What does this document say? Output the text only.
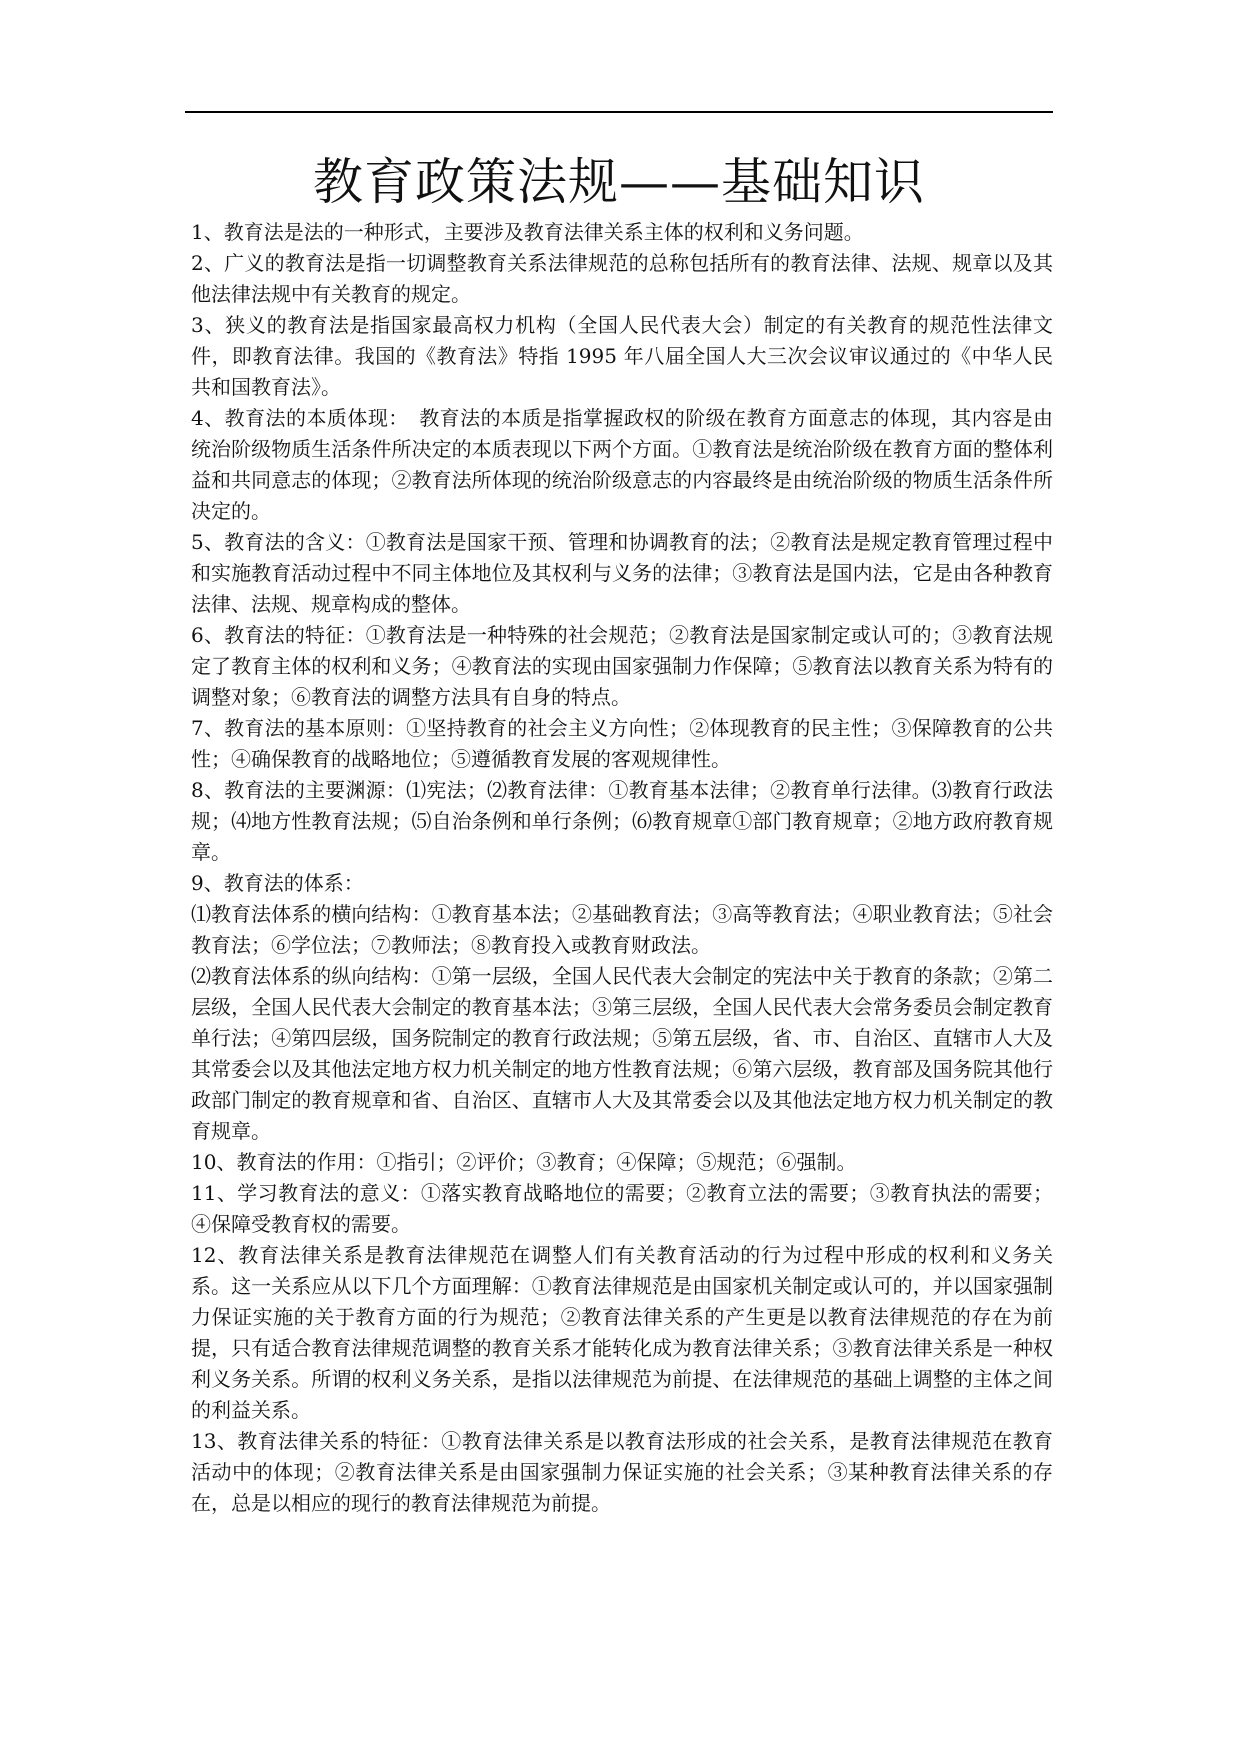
教育政策法规——基础知识

1、教育法是法的一种形式，主要涉及教育法律关系主体的权利和义务问题。

2、广义的教育法是指一切调整教育关系法律规范的总称包括所有的教育法律、法规、规章以及其他法律法规中有关教育的规定。

3、狭义的教育法是指国家最高权力机构（全国人民代表大会）制定的有关教育的规范性法律文件，即教育法律。我国的《教育法》特指 1995 年八届全国人大三次会议审议通过的《中华人民共和国教育法》。

4、教育法的本质体现：　教育法的本质是指掌握政权的阶级在教育方面意志的体现，其内容是由统治阶级物质生活条件所决定的本质表现以下两个方面。①教育法是统治阶级在教育方面的整体利益和共同意志的体现；②教育法所体现的统治阶级意志的内容最终是由统治阶级的物质生活条件所决定的。

5、教育法的含义：①教育法是国家干预、管理和协调教育的法；②教育法是规定教育管理过程中和实施教育活动过程中不同主体地位及其权利与义务的法律；③教育法是国内法，它是由各种教育法律、法规、规章构成的整体。

6、教育法的特征：①教育法是一种特殊的社会规范；②教育法是国家制定或认可的；③教育法规定了教育主体的权利和义务；④教育法的实现由国家强制力作保障；⑤教育法以教育关系为特有的调整对象；⑥教育法的调整方法具有自身的特点。

7、教育法的基本原则：①坚持教育的社会主义方向性；②体现教育的民主性；③保障教育的公共性；④确保教育的战略地位；⑤遵循教育发展的客观规律性。

8、教育法的主要渊源：⑴宪法；⑵教育法律：①教育基本法律；②教育单行法律。⑶教育行政法规；⑷地方性教育法规；⑸自治条例和单行条例；⑹教育规章①部门教育规章；②地方政府教育规章。

9、教育法的体系：

⑴教育法体系的横向结构：①教育基本法；②基础教育法；③高等教育法；④职业教育法；⑤社会教育法；⑥学位法；⑦教师法；⑧教育投入或教育财政法。

⑵教育法体系的纵向结构：①第一层级，全国人民代表大会制定的宪法中关于教育的条款；②第二层级，全国人民代表大会制定的教育基本法；③第三层级，全国人民代表大会常务委员会制定教育单行法；④第四层级，国务院制定的教育行政法规；⑤第五层级，省、市、自治区、直辖市人大及其常委会以及其他法定地方权力机关制定的地方性教育法规；⑥第六层级，教育部及国务院其他行政部门制定的教育规章和省、自治区、直辖市人大及其常委会以及其他法定地方权力机关制定的教育规章。

10、教育法的作用：①指引；②评价；③教育；④保障；⑤规范；⑥强制。

11、学习教育法的意义：①落实教育战略地位的需要；②教育立法的需要；③教育执法的需要；④保障受教育权的需要。

12、教育法律关系是教育法律规范在调整人们有关教育活动的行为过程中形成的权利和义务关系。这一关系应从以下几个方面理解：①教育法律规范是由国家机关制定或认可的，并以国家强制力保证实施的关于教育方面的行为规范；②教育法律关系的产生更是以教育法律规范的存在为前提，只有适合教育法律规范调整的教育关系才能转化成为教育法律关系；③教育法律关系是一种权利义务关系。所谓的权利义务关系，是指以法律规范为前提、在法律规范的基础上调整的主体之间的利益关系。

13、教育法律关系的特征：①教育法律关系是以教育法形成的社会关系，是教育法律规范在教育活动中的体现；②教育法律关系是由国家强制力保证实施的社会关系；③某种教育法律关系的存在，总是以相应的现行的教育法律规范为前提。
